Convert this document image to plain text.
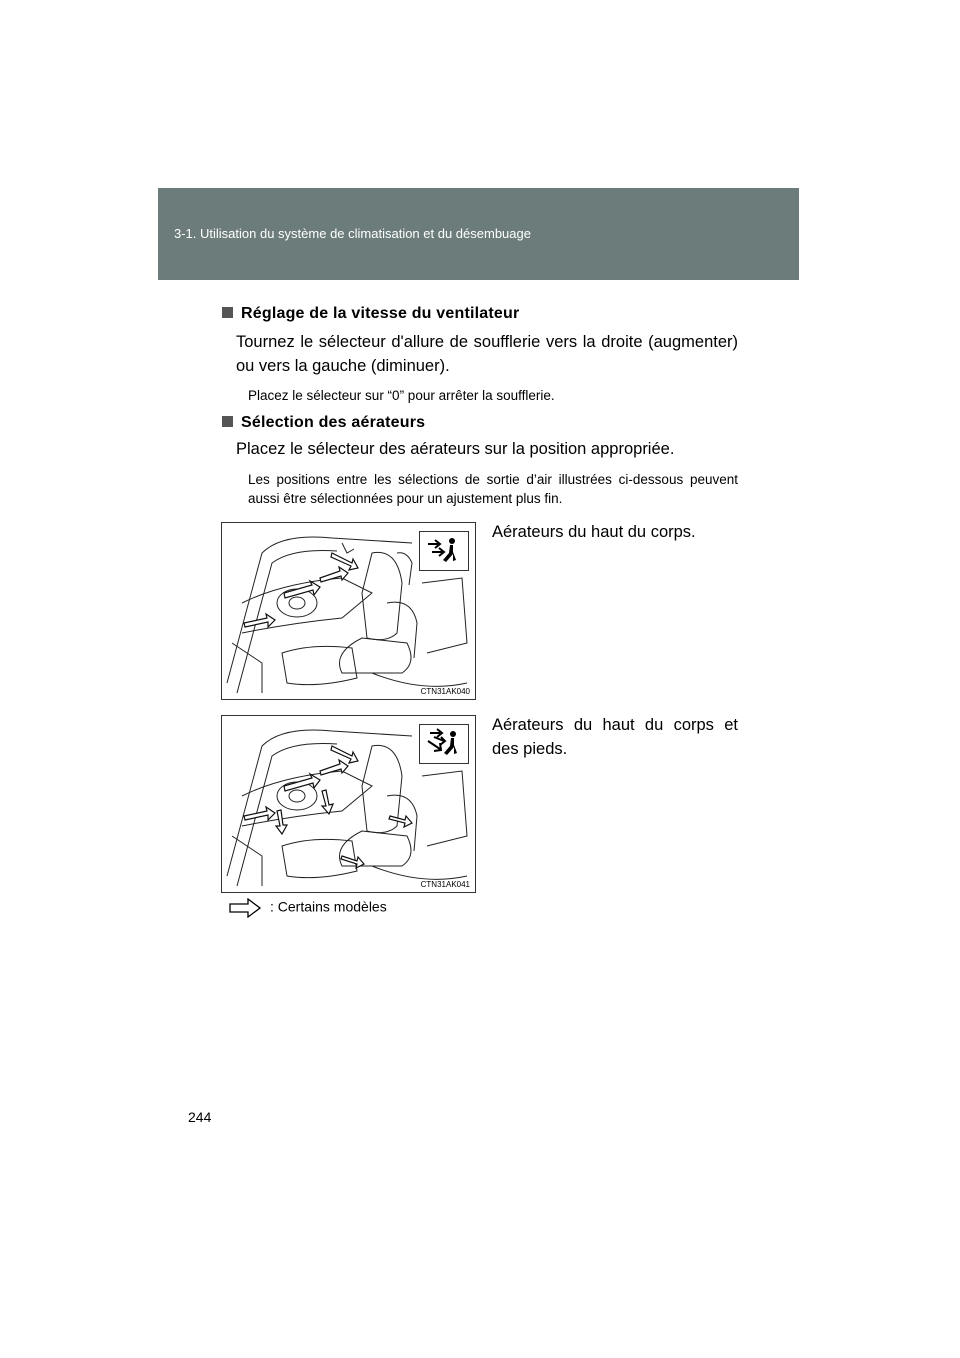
3-1. Utilisation du système de climatisation et du désembuage
Réglage de la vitesse du ventilateur
Tournez le sélecteur d'allure de soufflerie vers la droite (augmenter) ou vers la gauche (diminuer).
Placez le sélecteur sur “0” pour arrêter la soufflerie.
Sélection des aérateurs
Placez le sélecteur des aérateurs sur la position appropriée.
Les positions entre les sélections de sortie d’air illustrées ci-dessous peuvent aussi être sélectionnées pour un ajustement plus fin.
CTN31AK040
Aérateurs du haut du corps.
CTN31AK041
Aérateurs du haut du corps et des pieds.
: Certains modèles
244
